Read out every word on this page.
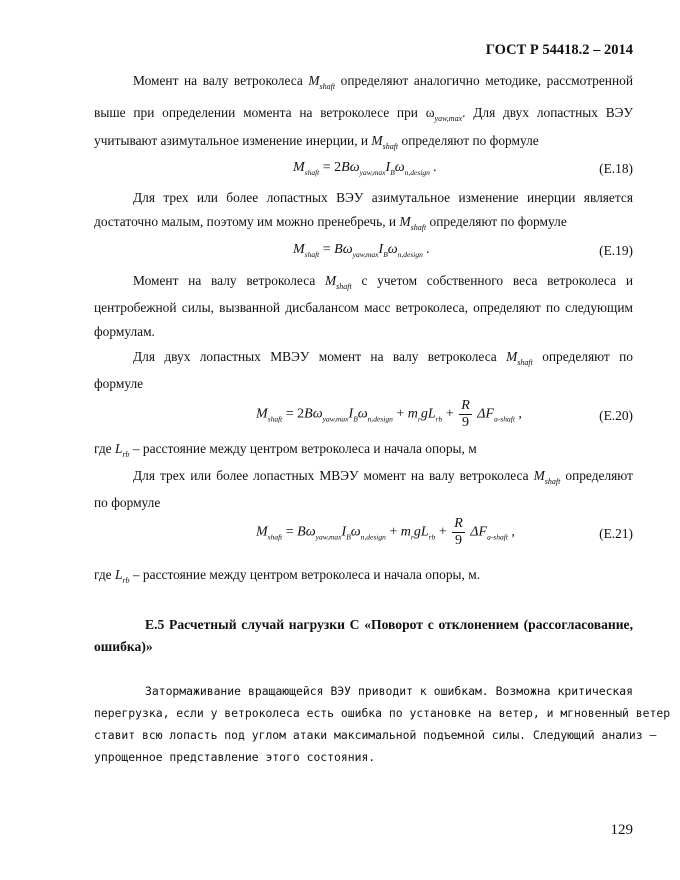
ГОСТ Р 54418.2 – 2014
Момент на валу ветроколеса $M_{shaft}$ определяют аналогично методике, рассмотренной
выше при определении момента на ветроколесе при $\omega_{yaw,max}$. Для двух лопастных ВЭУ
учитывают азимутальное изменение инерции, и $M_{shaft}$ определяют по формуле
$M_{shaft} = 2B\omega_{yaw,max}I_B\omega_{n,design}$ .	(Е.18)
Для трех или более лопастных ВЭУ азимутальное изменение инерции является
достаточно малым, поэтому им можно пренебречь, и $M_{shaft}$ определяют по формуле
$M_{shaft} = B\omega_{yaw,max}I_B\omega_{n,design}$ .	(Е.19)
Момент на валу ветроколеса $M_{shaft}$ с учетом собственного веса ветроколеса и
центробежной силы, вызванной дисбалансом масс ветроколеса, определяют по следующим
формулам.
Для двух лопастных МВЭУ момент на валу ветроколеса $M_{shaft}$ определяют по
формуле
$M_{shaft} = 2B\omega_{yaw,max}I_B\omega_{n,design} + m_rgL_{rb} + \frac{R}{9} \Delta F_{a-shaft}$ ,	(Е.20)
где $L_{rb}$ – расстояние между центром ветроколеса и начала опоры, м
Для трех или более лопастных МВЭУ момент на валу ветроколеса $M_{shaft}$ определяют
по формуле
$M_{shaft} = B\omega_{yaw,max}I_B\omega_{n,design} + m_rgL_{rb} + \frac{R}{9} \Delta F_{a-shaft}$ ,	(Е.21)
где $L_{rb}$ – расстояние между центром ветроколеса и начала опоры, м.
Е.5 Расчетный случай нагрузки С «Поворот с отклонением (рассогласование,
ошибка)»
Затормаживание вращающейся ВЭУ приводит к ошибкам. Возможна критическая
перегрузка, если у ветроколеса есть ошибка по установке на ветер, и мгновенный ветер
ставит всю лопасть под углом атаки максимальной подъемной силы. Следующий анализ –
упрощенное представление этого состояния.
129
